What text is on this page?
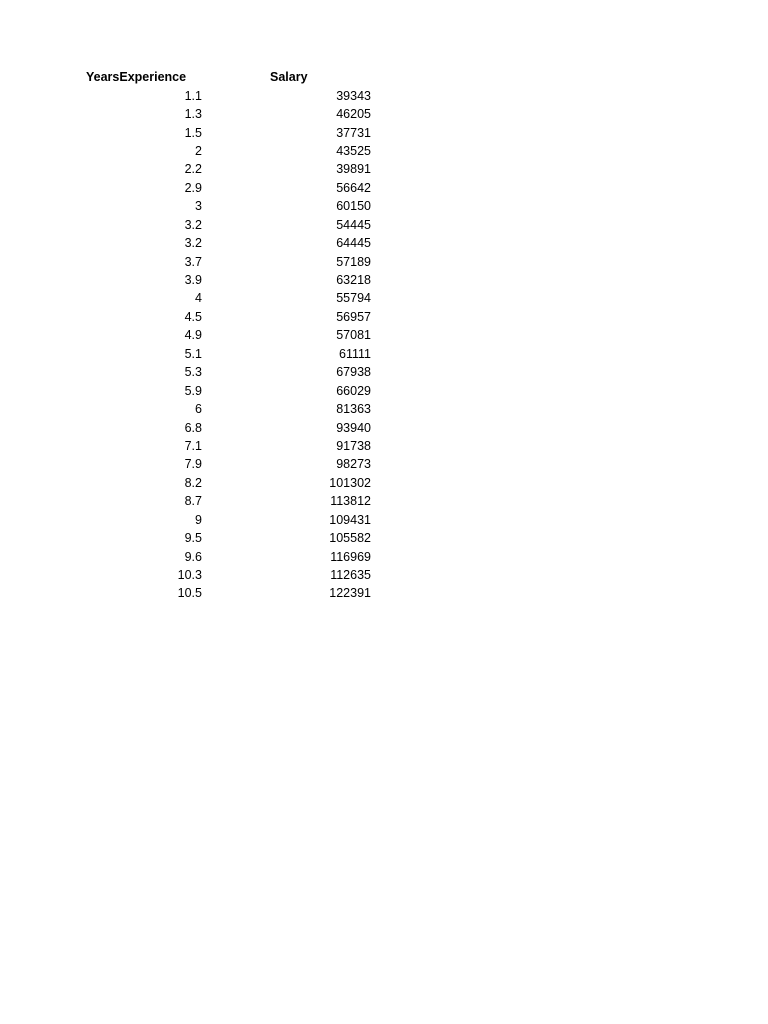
YearsExperience	Salary
1.1	39343
1.3	46205
1.5	37731
2	43525
2.2	39891
2.9	56642
3	60150
3.2	54445
3.2	64445
3.7	57189
3.9	63218
4	55794
4.5	56957
4.9	57081
5.1	61111
5.3	67938
5.9	66029
6	81363
6.8	93940
7.1	91738
7.9	98273
8.2	101302
8.7	113812
9	109431
9.5	105582
9.6	116969
10.3	112635
10.5	122391
